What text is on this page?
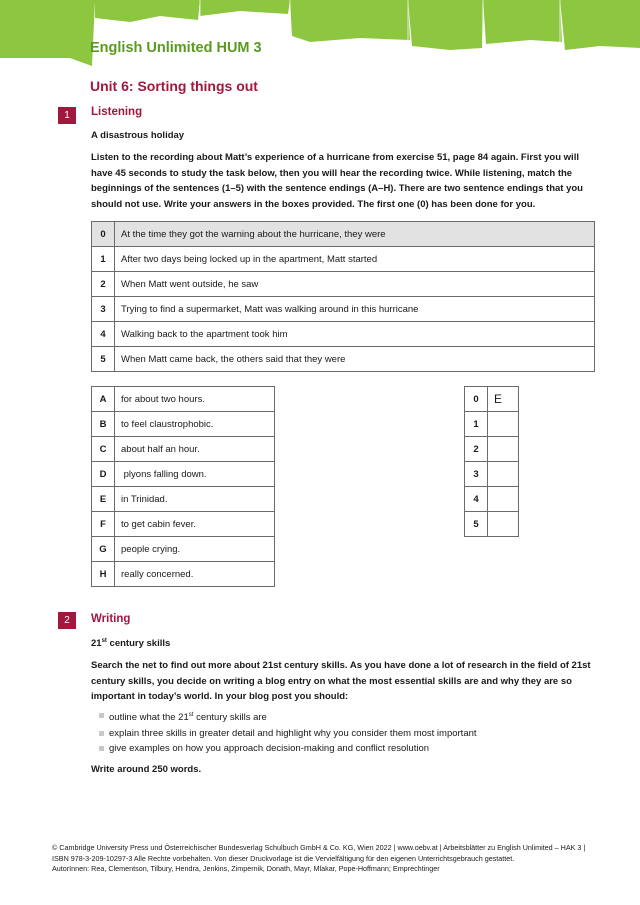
English Unlimited HUM 3
Unit 6: Sorting things out
1	Listening
A disastrous holiday
Listen to the recording about Matt’s experience of a hurricane from exercise 51, page 84 again. First you will have 45 seconds to study the task below, then you will hear the recording twice. While listening, match the beginnings of the sentences (1–5) with the sentence endings (A–H). There are two sentence endings that you should not use. Write your answers in the boxes provided. The first one (0) has been done for you.
0	At the time they got the warning about the hurricane, they were
1	After two days being locked up in the apartment, Matt started
2	When Matt went outside, he saw
3	Trying to find a supermarket, Matt was walking around in this hurricane
4	Walking back to the apartment took him
5	When Matt came back, the others said that they were
A	for about two hours.
B	to feel claustrophobic.
C	about half an hour.
D	plyons falling down.
E	in Trinidad.
F	to get cabin fever.
G	people crying.
H	really concerned.
0	E
1	
2	
3	
4	
5	
2	Writing
21st century skills
Search the net to find out more about 21st century skills. As you have done a lot of research in the field of 21st century skills, you decide on writing a blog entry on what the most essential skills are and why they are so important in today’s world. In your blog post you should:
outline what the 21st century skills are
explain three skills in greater detail and highlight why you consider them most important
give examples on how you approach decision-making and conflict resolution
Write around 250 words.
© Cambridge University Press und Österreichischer Bundesverlag Schulbuch GmbH & Co. KG, Wien 2022 | www.oebv.at | Arbeitsblätter zu English Unlimited – HAK 3 | ISBN 978-3-209-10297-3 Alle Rechte vorbehalten. Von dieser Druckvorlage ist die Vervielfältigung für den eigenen Unterrichtsgebrauch gestattet.
AutorInnen: Rea, Clementson, Tilbury, Hendra, Jenkins, Zimpernik, Donath, Mayr, Mlakar, Pope-Hoffmann; Emprechtinger
